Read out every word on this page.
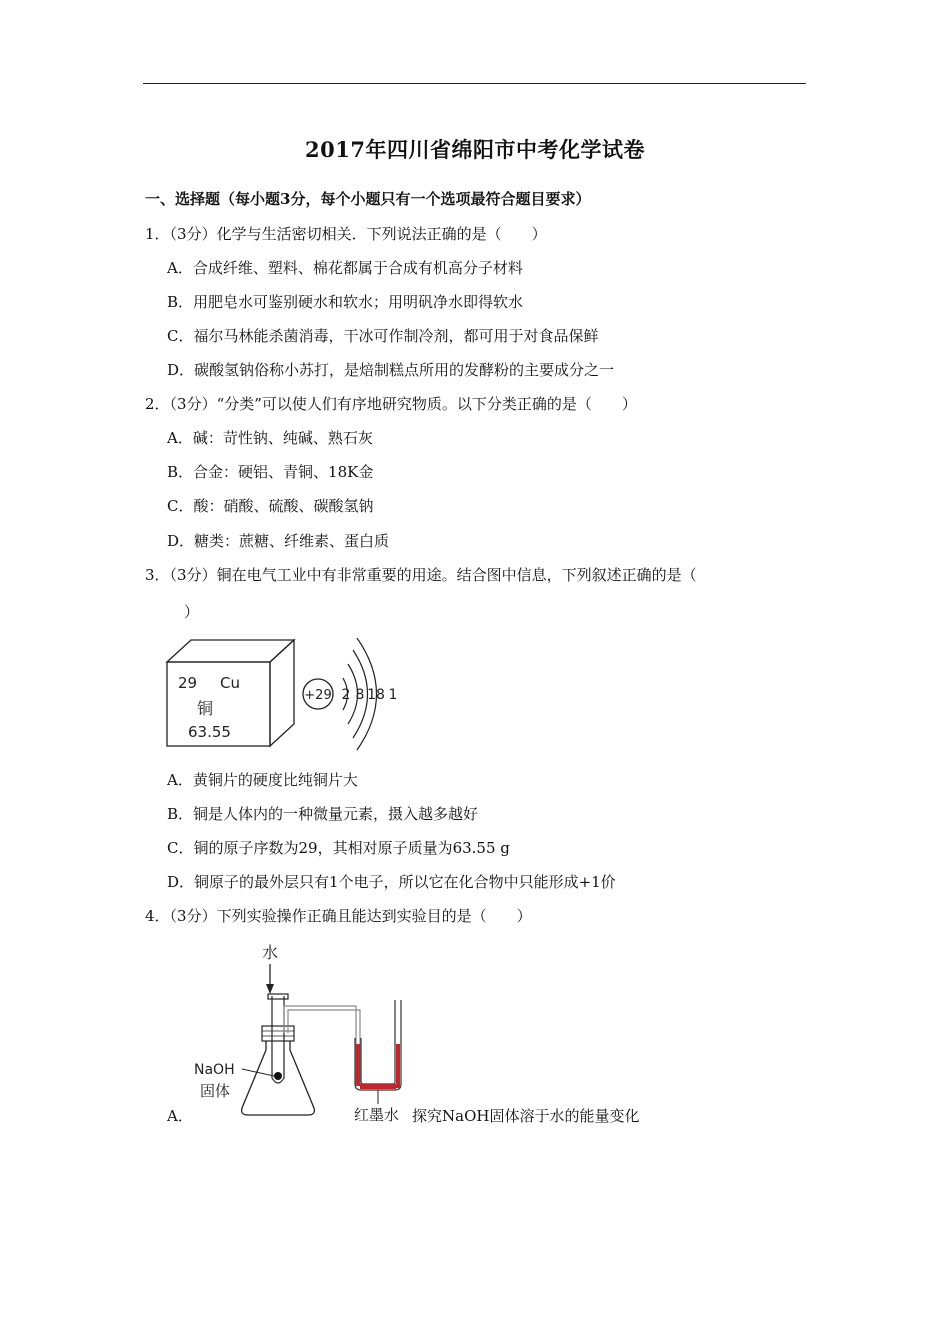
2017年四川省绵阳市中考化学试卷
一、选择题（每小题3分，每个小题只有一个选项最符合题目要求）
1．（3分）化学与生活密切相关．下列说法正确的是（　　）
A．合成纤维、塑料、棉花都属于合成有机高分子材料
B．用肥皂水可鉴别硬水和软水；用明矾净水即得软水
C．福尔马林能杀菌消毒，干冰可作制冷剂，都可用于对食品保鲜
D．碳酸氢钠俗称小苏打，是焙制糕点所用的发酵粉的主要成分之一
2．（3分）“分类”可以使人们有序地研究物质。以下分类正确的是（　　）
A．碱：苛性钠、纯碱、熟石灰
B．合金：硬铝、青铜、18K金
C．酸：硝酸、硫酸、碳酸氢钠
D．糖类：蔗糖、纤维素、蛋白质
3．（3分）铜在电气工业中有非常重要的用途。结合图中信息，下列叙述正确的是（
）
29 Cu
铜
63.55
+29 2 8 18 1
A．黄铜片的硬度比纯铜片大
B．铜是人体内的一种微量元素，摄入越多越好
C．铜的原子序数为29，其相对原子质量为63.55 g
D．铜原子的最外层只有1个电子，所以它在化合物中只能形成+1价
4．（3分）下列实验操作正确且能达到实验目的是（　　）
水
NaOH
固体
红墨水
A．	探究NaOH固体溶于水的能量变化
